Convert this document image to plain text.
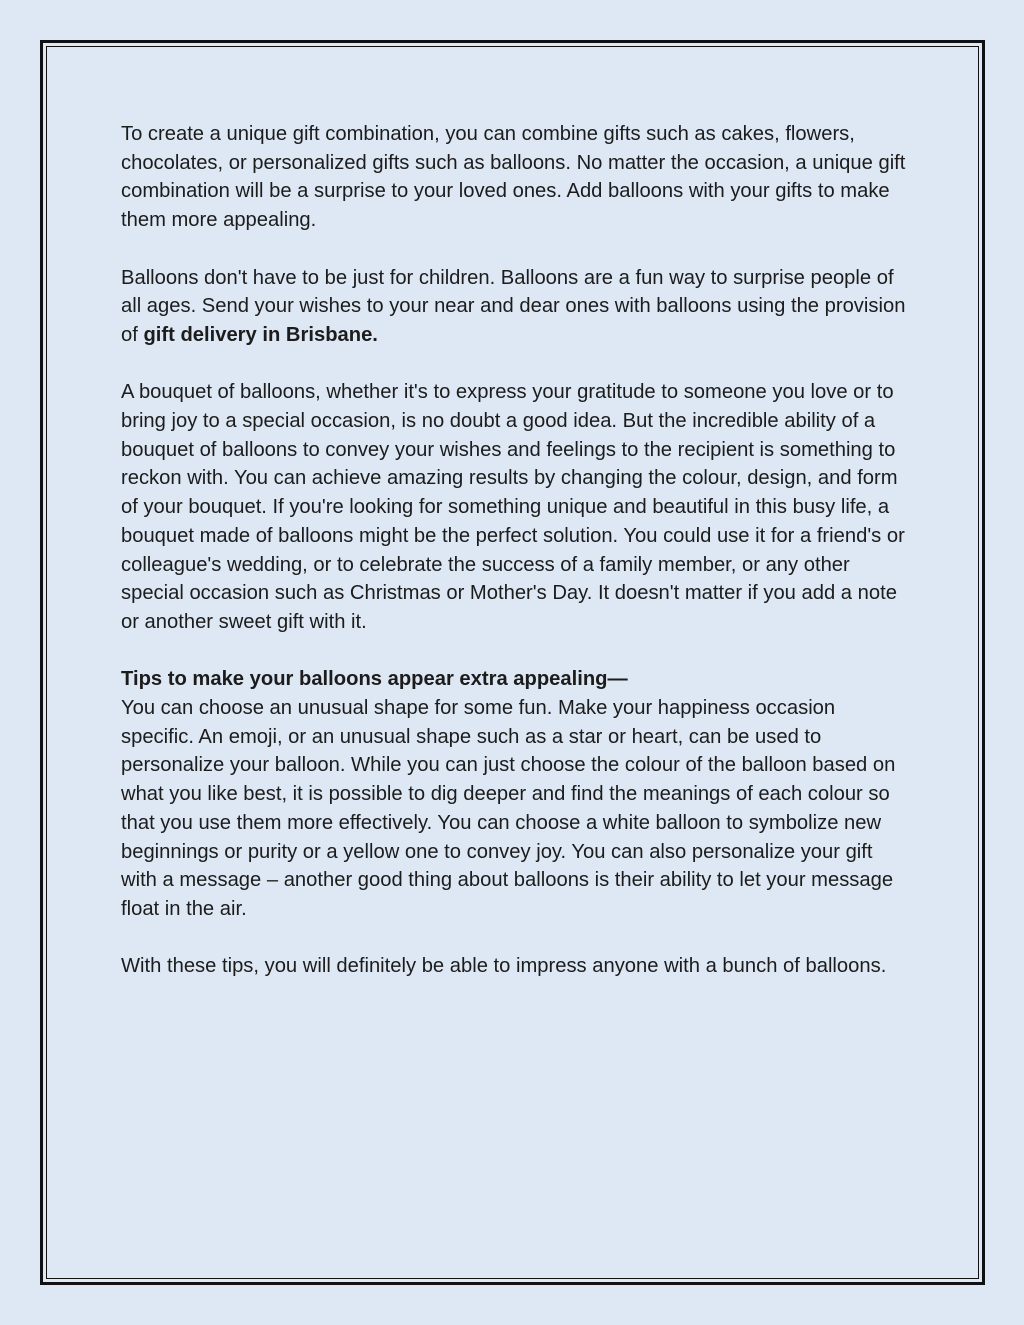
To create a unique gift combination, you can combine gifts such as cakes, flowers, chocolates, or personalized gifts such as balloons. No matter the occasion, a unique gift combination will be a surprise to your loved ones. Add balloons with your gifts to make them more appealing.

Balloons don't have to be just for children. Balloons are a fun way to surprise people of all ages. Send your wishes to your near and dear ones with balloons using the provision of gift delivery in Brisbane.

A bouquet of balloons, whether it's to express your gratitude to someone you love or to bring joy to a special occasion, is no doubt a good idea. But the incredible ability of a bouquet of balloons to convey your wishes and feelings to the recipient is something to reckon with. You can achieve amazing results by changing the colour, design, and form of your bouquet. If you're looking for something unique and beautiful in this busy life, a bouquet made of balloons might be the perfect solution. You could use it for a friend's or colleague's wedding, or to celebrate the success of a family member, or any other special occasion such as Christmas or Mother's Day. It doesn't matter if you add a note or another sweet gift with it.

Tips to make your balloons appear extra appealing—

You can choose an unusual shape for some fun. Make your happiness occasion specific. An emoji, or an unusual shape such as a star or heart, can be used to personalize your balloon. While you can just choose the colour of the balloon based on what you like best, it is possible to dig deeper and find the meanings of each colour so that you use them more effectively. You can choose a white balloon to symbolize new beginnings or purity or a yellow one to convey joy. You can also personalize your gift with a message – another good thing about balloons is their ability to let your message float in the air.

With these tips, you will definitely be able to impress anyone with a bunch of balloons.
